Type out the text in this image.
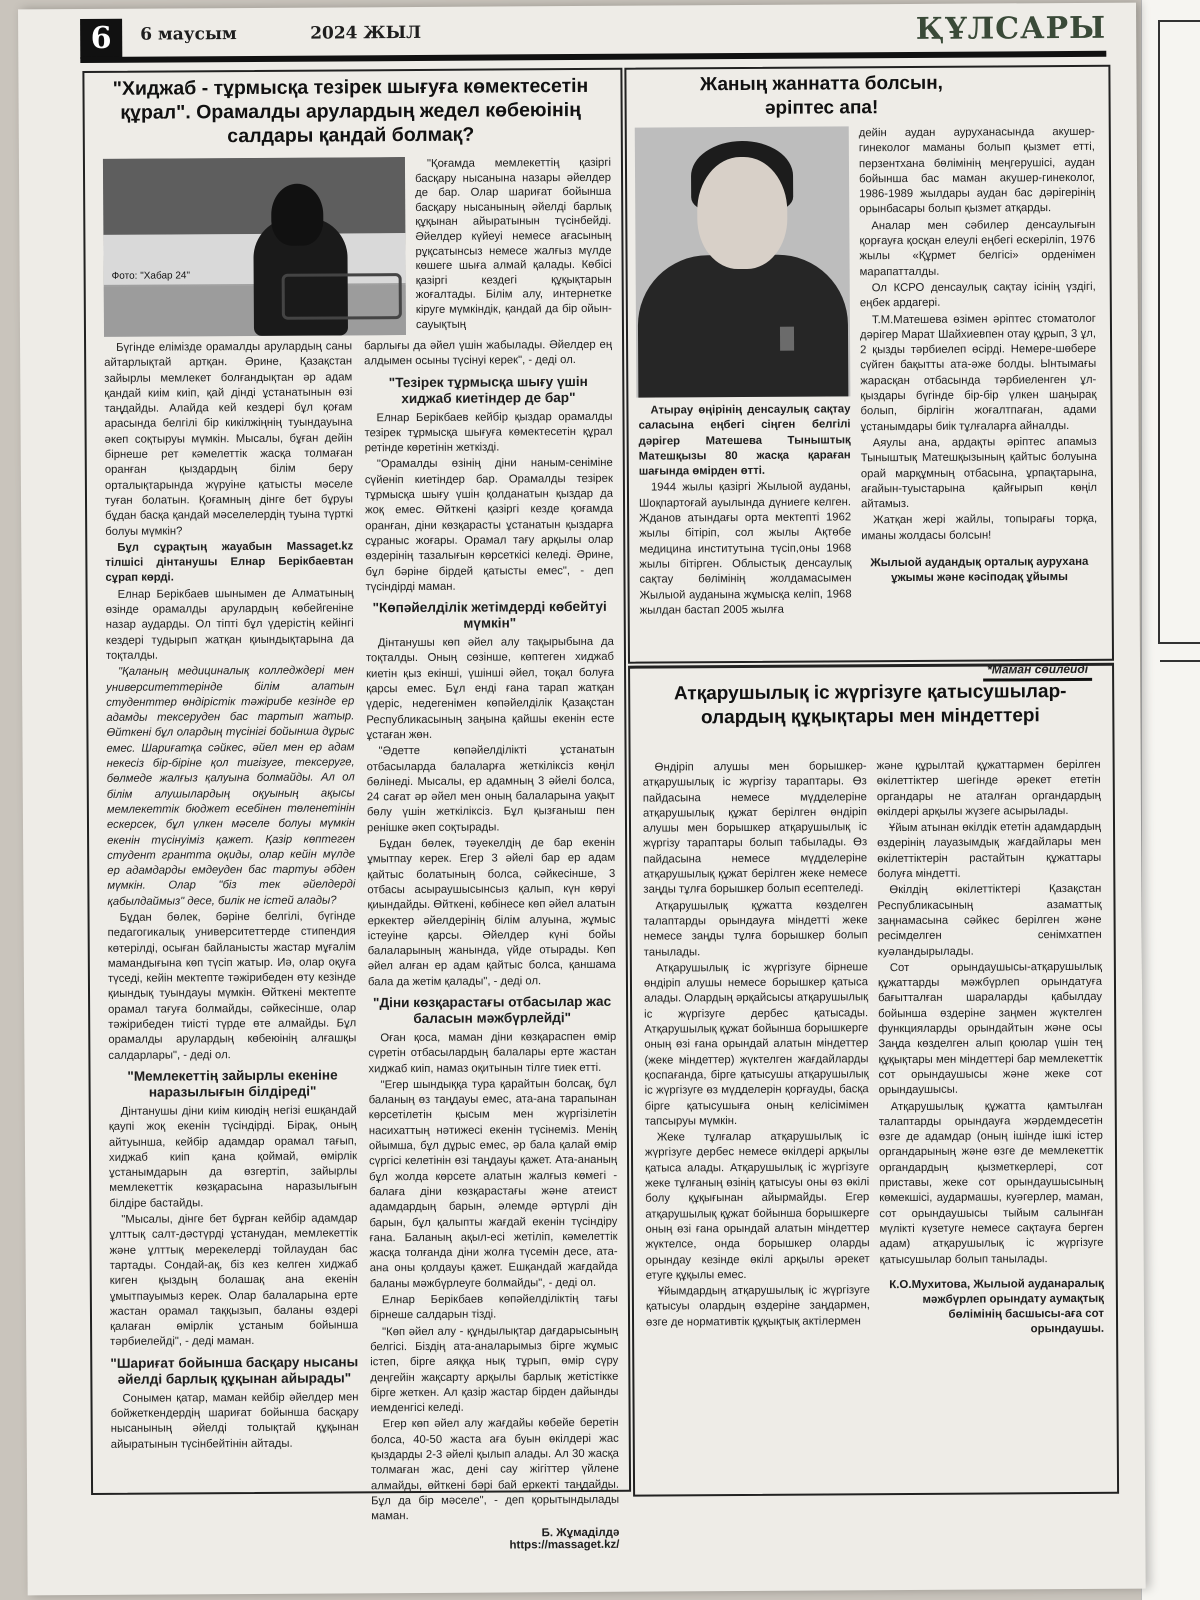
6	6 маусым	2024 ЖЫЛ	ҚҰЛСАРЫ
"Хиджаб - тұрмысқа тезірек шығуға көмектесетін құрал". Орамалды арулардың жедел көбеюінің салдары қандай болмақ?
Фото: "Хабар 24"

"Қоғамда мемлекеттің қазіргі басқару нысанына назары әйелдер де бар. Олар шариғат бойынша басқару нысанының әйелді барлық құқынан айыратынын түсінбейді. Әйелдер күйеуі немесе ағасының рұқсатынсыз немесе жалғыз мүлде көшеге шыға алмай қалады. Көбісі қазіргі кездегі құқықтарын жоғалтады. Білім алу, интернетке кіруге мүмкіндік, қандай да бір ойын-сауықтың

Бүгінде елімізде орамалды арулардың саны айтарлықтай артқан. Әрине, Қазақстан зайырлы мемлекет болғандықтан әр адам қандай киім киіп, қай дінді ұстанатынын өзі таңдайды. Алайда кей кездері бұл қоғам арасында белгілі бір кикілжіңнің туындауына әкеп соқтыруы мүмкін. Мысалы, бұған дейін бірнеше рет кәмелеттік жасқа толмаған оранған қыздардың білім беру орталықтарында жүруіне қатысты мәселе туған болатын. Қоғамның дінге бет бұруы бұдан басқа қандай мәселелердің туына түрткі болуы мүмкін?

Бұл сұрақтың жауабын Massaget.kz тілшісі дінтанушы Елнар Берікбаевтан сұрап көрді.

Елнар Берікбаев шынымен де Алматының өзінде орамалды арулардың көбейгеніне назар аударды. Ол тіпті бұл үдерістің кейінгі кездері тудырып жатқан қиындықтарына да тоқталды.

"Қаланың медициналық колледждері мен университеттерінде білім алатын студенттер өндірістік тәжірибе кезінде ер адамды тексеруден бас тартып жатыр. Өйткені бұл олардың түсінігі бойынша дұрыс емес. Шариғатқа сәйкес, әйел мен ер адам некесіз бір-біріне қол тигізуге, тексеруге, бөлмеде жалғыз қалуына болмайды. Ал ол білім алушылардың оқуының ақысы мемлекеттік бюджет есебінен төленетінін ескерсек, бұл үлкен мәселе болуы мүмкін екенін түсінуіміз қажет. Қазір көптеген студент грантта оқиды, олар кейін мүлде ер адамдарды емдеуден бас тартуы әбден мүмкін. Олар "біз тек әйелдерді қабылдаймыз" десе, билік не істей алады?

Бұдан бөлек, бәріне белгілі, бүгінде педагогикалық университеттерде стипендия көтерілді, осыған байланысты жастар мұғалім мамандығына көп түсіп жатыр. Иә, олар оқуға түседі, кейін мектепте тәжірибеден өту кезінде қиындық туындауы мүмкін. Өйткені мектепте орамал тағуға болмайды, сәйкесінше, олар тәжірибеден тиісті түрде өте алмайды. Бұл орамалды арулардың көбеюінің алғашқы салдарлары", - деді ол.

"Мемлекеттің зайырлы екеніне наразылығын білдіреді"

Дінтанушы діни киім киюдің негізі ешқандай қаупі жоқ екенін түсіндірді. Бірақ, оның айтуынша, кейбір адамдар орамал тағып, хиджаб киіп қана қоймай, өмірлік ұстанымдарын да өзгертіп, зайырлы мемлекеттік көзқарасына наразылығын білдіре бастайды.

"Мысалы, дінге бет бұрған кейбір адамдар ұлттық салт-дәстүрді ұстанудан, мемлекеттік және ұлттық мерекелерді тойлаудан бас тартады. Сондай-ақ, біз кез келген хиджаб киген қыздың болашақ ана екенін ұмытпауымыз керек. Олар балаларына ерте жастан орамал таққызып, баланы өздері қалаған өмірлік ұстаным бойынша тәрбиелейді", - деді маман.

"Шариғат бойынша басқару нысаны әйелді барлық құқынан айырады"

Сонымен қатар, маман кейбір әйелдер мен бойжеткендердің шариғат бойынша басқару нысанының әйелді толықтай құқынан айыратынын түсінбейтінін айтады.

барлығы да әйел үшін жабылады. Әйелдер ең алдымен осыны түсінуі керек", - деді ол.

"Тезірек тұрмысқа шығу үшін хиджаб киетіндер де бар"

Елнар Берікбаев кейбір қыздар орамалды тезірек тұрмысқа шығуға көмектесетін құрал ретінде көретінін жеткізді.

"Орамалды өзінің діни наным-сеніміне сүйеніп киетіндер бар. Орамалды тезірек тұрмысқа шығу үшін қолданатын қыздар да жоқ емес. Өйткені қазіргі кезде қоғамда оранған, діни көзқарасты ұстанатын қыздарға сұраныс жоғары. Орамал тағу арқылы олар өздерінің тазалығын көрсеткісі келеді. Әрине, бұл бәріне бірдей қатысты емес", - деп түсіндірді маман.

"Көпәйелділік жетімдерді көбейтуі мүмкін"

Дінтанушы көп әйел алу тақырыбына да тоқталды. Оның сөзінше, көптеген хиджаб киетін қыз екінші, үшінші әйел, тоқал болуға қарсы емес. Бұл енді ғана тарап жатқан үдеріс, недегенімен көпәйелділік Қазақстан Республикасының заңына қайшы екенін есте ұстаған жөн.

"Әдетте көпәйелділікті ұстанатын отбасыларда балаларға жеткіліксіз көңіл бөлінеді. Мысалы, ер адамның 3 әйелі болса, 24 сағат әр әйел мен оның балаларына уақыт бөлу үшін жеткіліксіз. Бұл қызғаныш пен ренішке әкеп соқтырады.

Бұдан бөлек, тәуекелдің де бар екенін ұмытпау керек. Егер 3 әйелі бар ер адам қайтыс болатының болса, сәйкесінше, 3 отбасы асыраушысынсыз қалып, күн көруі қиындайды. Өйткені, көбінесе көп әйел алатын еркектер әйелдерінің білім алуына, жұмыс істеуіне қарсы. Әйелдер күні бойы балаларының жанында, үйде отырады. Көп әйел алған ер адам қайтыс болса, қаншама бала да жетім қалады", - деді ол.

"Діни көзқарастағы отбасылар жас баласын мәжбүрлейді"

Оған қоса, маман діни көзқараспен өмір сүретін отбасылардың балалары ерте жастан хиджаб киіп, намаз оқитынын тілге тиек етті.

"Егер шындыққа тура қарайтын болсақ, бұл баланың өз таңдауы емес, ата-ана тарапынан көрсетілетін қысым мен жүргізілетін насихаттың нәтижесі екенін түсінеміз. Менің ойымша, бұл дұрыс емес, әр бала қалай өмір сүргісі келетінін өзі таңдауы қажет. Ата-ананың бұл жолда көрсете алатын жалғыз көмегі - балаға діни көзқарастағы және атеист адамдардың барын, әлемде әртүрлі дін барын, бұл қалыпты жағдай екенін түсіндіру ғана. Баланың ақыл-есі жетіліп, кәмелеттік жасқа толғанда діни жолға түсемін десе, ата-ана оны қолдауы қажет. Ешқандай жағдайда баланы мәжбүрлеуге болмайды", - деді ол.

Елнар Берікбаев көпәйелділіктің тағы бірнеше салдарын тізді.

"Көп әйел алу - құндылықтар дағдарысының белгісі. Біздің ата-аналарымыз бірге жұмыс істеп, бірге аяққа нық тұрып, өмір сүру деңгейін жақсарту арқылы барлық жетістікке бірге жеткен. Ал қазір жастар бірден дайынды иемденгісі келеді.

Егер көп әйел алу жағдайы көбейе беретін болса, 40-50 жаста аға буын өкілдері жас қыздарды 2-3 әйелі қылып алады. Ал 30 жасқа толмаған жас, дені сау жігіттер үйлене алмайды, өйткені бәрі бай еркекті таңдайды. Бұл да бір мәселе", - деп қорытындылады маман.

Б. Жұмаділдә
https://massaget.kz/
Жаның жаннатта болсын, әріптес апа!

Атырау өңірінің денсаулық сақтау саласына еңбегі сіңген белгілі дәрігер Матешева Тыныштық Матешқызы 80 жасқа қараған шағында өмірден өтті.

1944 жылы қазіргі Жылыой ауданы, Шоқпартоғай ауылында дүниеге келген. Жданов атындағы орта мектепті 1962 жылы бітіріп, сол жылы Ақтөбе медицина институтына түсіп,оны 1968 жылы бітірген. Облыстық денсаулық сақтау бөлімінің жолдамасымен Жылыой ауданына жұмысқа келіп, 1968 жылдан бастап 2005 жылға

дейін аудан ауруханасында акушер-гинеколог маманы болып қызмет етті, перзентхана бөлімінің меңгерушісі, аудан бойынша бас маман акушер-гинеколог, 1986-1989 жылдары аудан бас дәрігерінің орынбасары болып қызмет атқарды.

Аналар мен сәбилер денсаулығын қорғауға қосқан елеулі еңбегі ескеріліп, 1976 жылы «Құрмет белгісі» орденімен марапатталды.

Ол КСРО денсаулық сақтау ісінің үздігі, еңбек ардагері.

Т.М.Матешева өзімен әріптес стоматолог дәрігер Марат Шайхиевпен отау құрып, 3 ұл, 2 қызды тәрбиелеп өсірді. Немере-шөбере сүйген бақытты ата-әже болды. Ынтымағы жарасқан отбасында тәрбиеленген ұл-қыздары бүгінде бір-бір үлкен шаңырақ болып, бірлігін жоғалтпаған, адами ұстанымдары биік тұлғаларға айналды.

Аяулы ана, ардақты әріптес апамыз Тыныштық Матешқызының қайтыс болуына орай марқұмның отбасына, ұрпақтарына, ағайын-туыстарына қайғырып көңіл айтамыз.

Жатқан жері жайлы, топырағы торқа, иманы жолдасы болсын!

Жылыой аудандық орталық аурухана ұжымы және кәсіподақ ұйымы
*Маман сөйлейді
Атқарушылық іс жүргізуге қатысушылар- олардың құқықтары мен міндеттері

Өндіріп алушы мен борышкер-атқарушылық іс жүргізу тараптары. Өз пайдасына немесе мүдделеріне атқарушылық құжат берілген өндіріп алушы мен борышкер атқарушылық іс жүргізу тараптары болып табылады. Өз пайдасына немесе мүдделеріне атқарушылық құжат берілген жеке немесе заңды тұлға борышкер болып есептеледі.

Атқарушылық құжатта көзделген талаптарды орындауға міндетті жеке немесе заңды тұлға борышкер болып танылады.

Атқарушылық іс жүргізуге бірнеше өндіріп алушы немесе борышкер қатыса алады. Олардың әрқайсысы атқарушылық іс жүргізуге дербес қатысады. Атқарушылық құжат бойынша борышкерге оның өзі ғана орындай алатын міндеттер (жеке міндеттер) жүктелген жағдайларды қоспағанда, бірге қатысушы атқарушылық іс жүргізуге өз мүдделерін қорғауды, басқа бірге қатысушыға оның келісімімен тапсыруы мүмкін.

Жеке тұлғалар атқарушылық іс жүргізуге дербес немесе өкілдері арқылы қатыса алады. Атқарушылық іс жүргізуге жеке тұлғаның өзінің қатысуы оны өз өкілі болу құқығынан айырмайды. Егер атқарушылық құжат бойынша борышкерге оның өзі ғана орындай алатын міндеттер жүктелсе, онда борышкер оларды орындау кезінде өкілі арқылы әрекет етуге құқылы емес.

Ұйымдардың атқарушылық іс жүргізуге қатысуы олардың өздеріне заңдармен, өзге де нормативтік құқықтық актілермен

және құрылтай құжаттармен берілген өкілеттіктер шегінде әрекет ететін органдары не аталған органдардың өкілдері арқылы жүзеге асырылады.

Ұйым атынан өкілдік ететін адамдардың өздерінің лауазымдық жағдайлары мен өкілеттіктерін растайтын құжаттары болуға міндетті.

Өкілдің өкілеттіктері Қазақстан Республикасының азаматтық заңнамасына сәйкес берілген және ресімделген сенімхатпен куәландырылады.

Сот орындаушысы-атқарушылық құжаттарды мәжбүрлеп орындатуға бағытталған шараларды қабылдау бойынша өздеріне заңмен жүктелген функцияларды орындайтын және осы Заңда көзделген алып қоюлар үшін тең құқықтары мен міндеттері бар мемлекеттік сот орындаушысы және жеке сот орындаушысы.

Атқарушылық құжатта қамтылған талаптарды орындауға жәрдемдесетін өзге де адамдар (оның ішінде ішкі істер органдарының және өзге де мемлекеттік органдардың қызметкерлері, сот приставы, жеке сот орындаушысының көмекшісі, аудармашы, куәгерлер, маман, сот орындаушысы тыйым салынған мүлікті күзетуге немесе сақтауға берген адам) атқарушылық іс жүргізуге қатысушылар болып танылады.

К.О.Мухитова, Жылыой ауданаралық мәжбүрлеп орындату аумақтық бөлімінің басшысы-аға сот орындаушы.
